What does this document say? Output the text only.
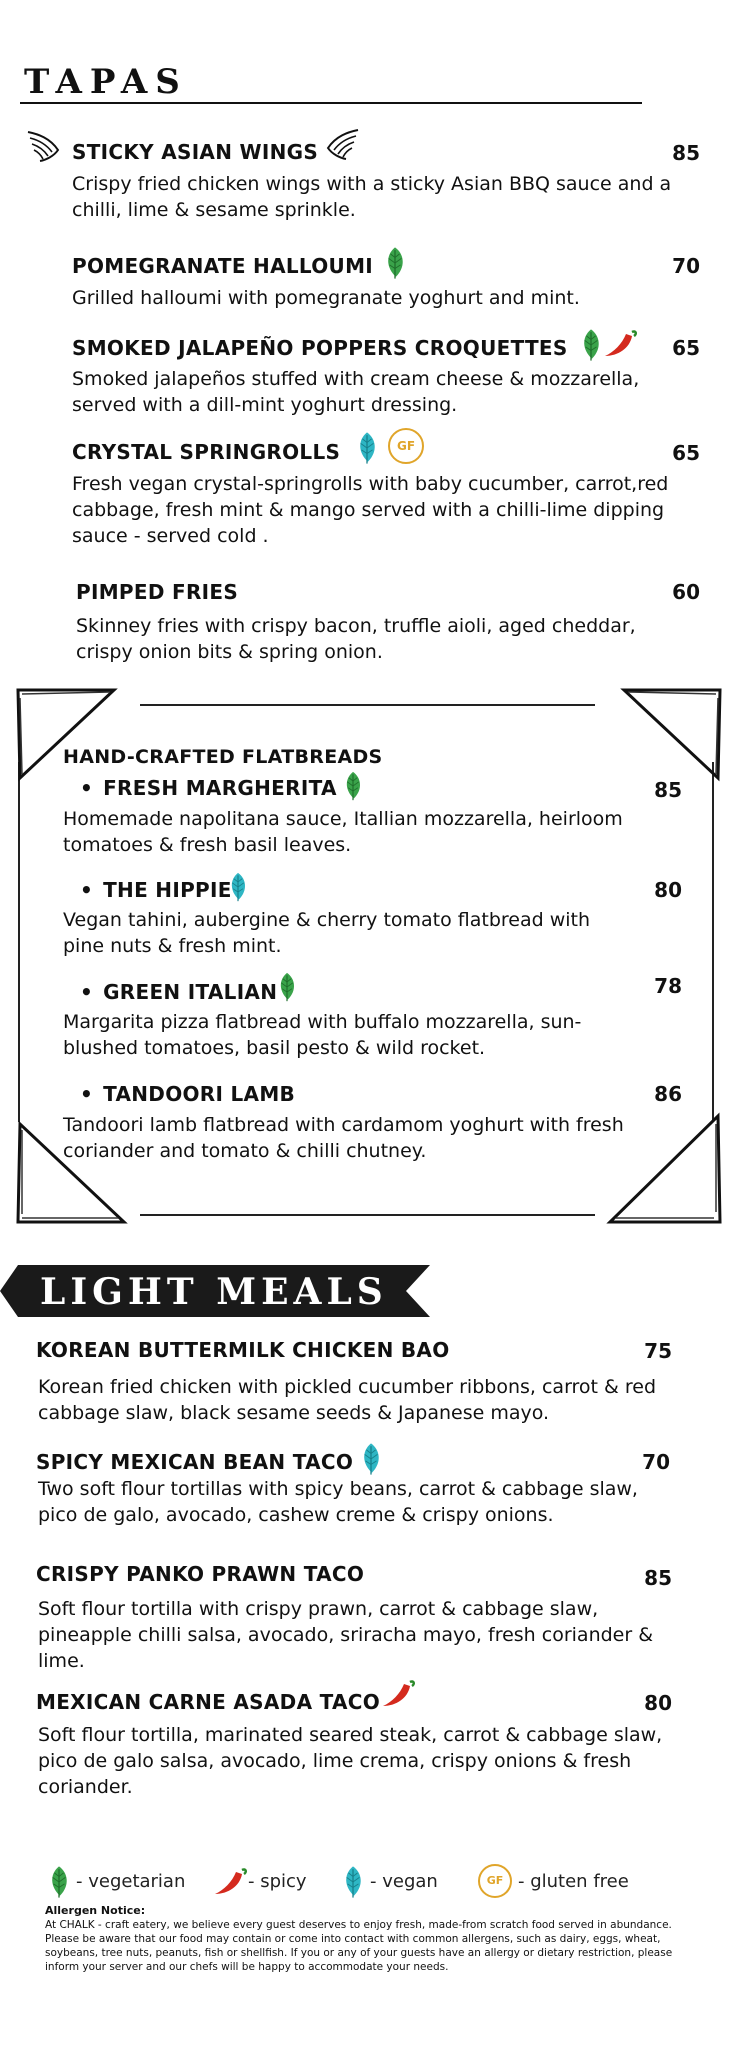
TAPAS
STICKY ASIAN WINGS	85
Crispy fried chicken wings with a sticky Asian BBQ sauce and a chilli, lime & sesame sprinkle.
POMEGRANATE HALLOUMI	70
Grilled halloumi with pomegranate yoghurt and mint.
SMOKED JALAPEÑO POPPERS CROQUETTES	65
Smoked jalapeños stuffed with cream cheese & mozzarella, served with a dill-mint yoghurt dressing.
CRYSTAL SPRINGROLLS	GF	65
Fresh vegan crystal-springrolls with baby cucumber, carrot,red cabbage, fresh mint & mango served with a chilli-lime dipping sauce - served cold .
PIMPED FRIES	60
Skinney fries with crispy bacon, truffle aioli, aged cheddar, crispy onion bits & spring onion.
HAND-CRAFTED FLATBREADS
• FRESH MARGHERITA	85
Homemade napolitana sauce, Itallian mozzarella, heirloom tomatoes & fresh basil leaves.
• THE HIPPIE	80
Vegan tahini, aubergine & cherry tomato flatbread with pine nuts & fresh mint.
• GREEN ITALIAN	78
Margarita pizza flatbread with buffalo mozzarella, sun-blushed tomatoes, basil pesto & wild rocket.
• TANDOORI LAMB	86
Tandoori lamb flatbread with cardamom yoghurt with fresh coriander and tomato & chilli chutney.
LIGHT MEALS
KOREAN BUTTERMILK CHICKEN BAO	75
Korean fried chicken with pickled cucumber ribbons, carrot & red cabbage slaw, black sesame seeds & Japanese mayo.
SPICY MEXICAN BEAN TACO	70
Two soft flour tortillas with spicy beans, carrot & cabbage slaw, pico de galo, avocado, cashew creme & crispy onions.
CRISPY PANKO PRAWN TACO	85
Soft flour tortilla with crispy prawn, carrot & cabbage slaw, pineapple chilli salsa, avocado, sriracha mayo, fresh coriander & lime.
MEXICAN CARNE ASADA TACO	80
Soft flour tortilla, marinated seared steak, carrot & cabbage slaw, pico de galo salsa, avocado, lime crema, crispy onions & fresh coriander.
- vegetarian	- spicy	- vegan	GF - gluten free
Allergen Notice:
At CHALK - craft eatery, we believe every guest deserves to enjoy fresh, made-from scratch food served in abundance. Please be aware that our food may contain or come into contact with common allergens, such as dairy, eggs, wheat, soybeans, tree nuts, peanuts, fish or shellfish. If you or any of your guests have an allergy or dietary restriction, please inform your server and our chefs will be happy to accommodate your needs.
